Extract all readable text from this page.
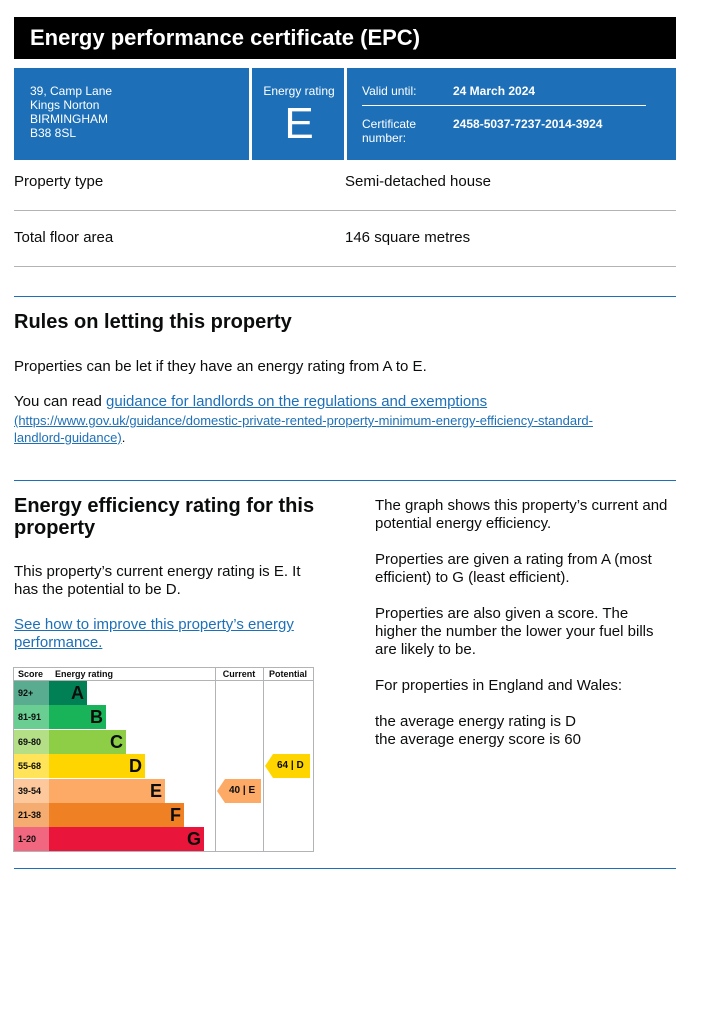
Energy performance certificate (EPC)
39, Camp Lane
Kings Norton
BIRMINGHAM
B38 8SL
Energy rating
E
Valid until:	24 March 2024
Certificate
number:
2458-5037-7237-2014-3924
Property type	Semi-detached house
Total floor area	146 square metres
Rules on letting this property
Properties can be let if they have an energy rating from A to E.
You can read guidance for landlords on the regulations and exemptions
(https://www.gov.uk/guidance/domestic-private-rented-property-minimum-energy-efficiency-standard-
landlord-guidance).
Energy efficiency rating for this
property
This property’s current energy rating is E. It
has the potential to be D.
See how to improve this property’s energy
performance.

The graph shows this property’s current and

potential energy efficiency.

Properties are given a rating from A (most

efficient) to G (least efficient).

Properties are also given a score. The

higher the number the lower your fuel bills

are likely to be.

For properties in England and Wales:

the average energy rating is D

the average energy score is 60

Score Energy rating	Current	Potential
92+	A
81-91	B
69-80	C
55-68	D
39-54	E
21-38	F
1-20	G
40 | E
64 | D
